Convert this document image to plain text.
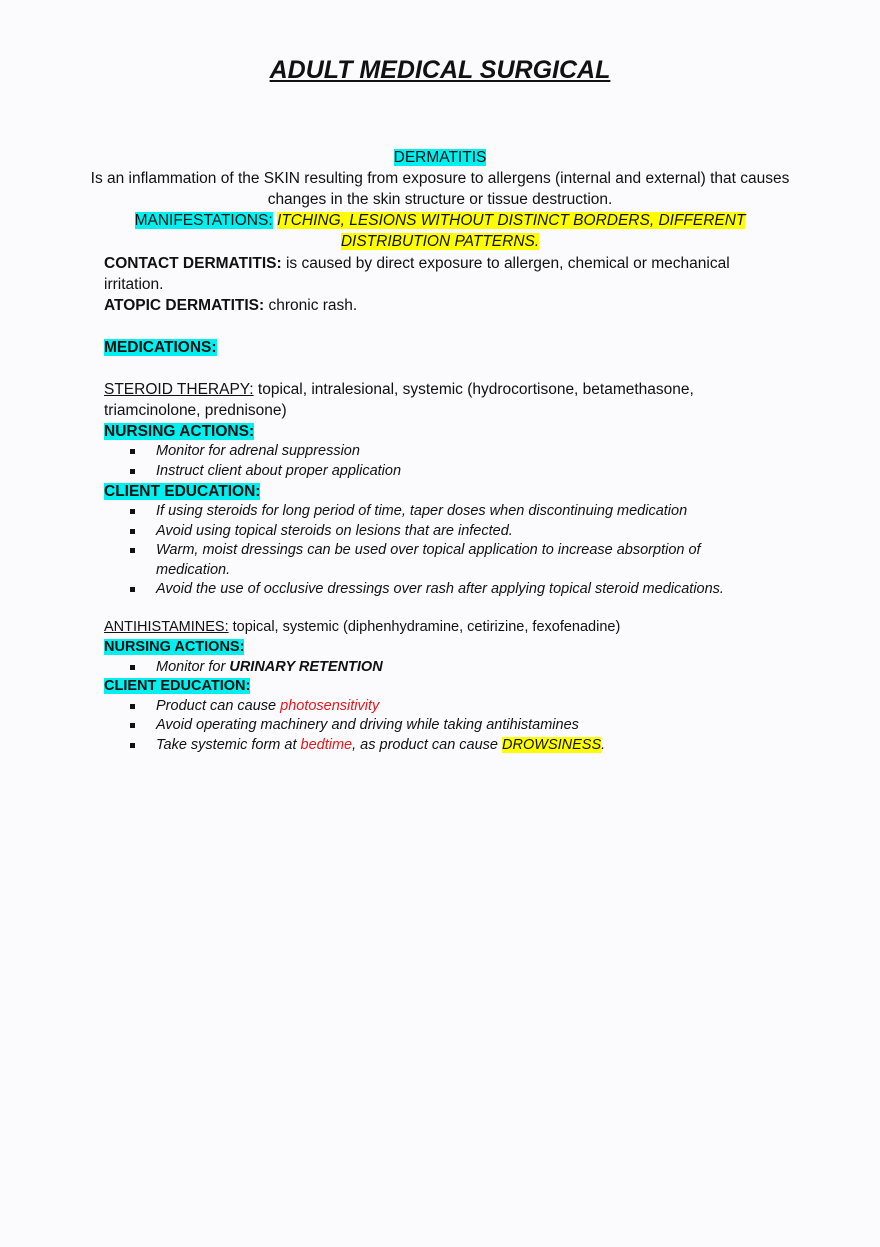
ADULT MEDICAL SURGICAL
DERMATITIS
Is an inflammation of the SKIN resulting from exposure to allergens (internal and external) that causes changes in the skin structure or tissue destruction.
MANIFESTATIONS: ITCHING, LESIONS WITHOUT DISTINCT BORDERS, DIFFERENT DISTRIBUTION PATTERNS.
CONTACT DERMATITIS: is caused by direct exposure to allergen, chemical or mechanical irritation.
ATOPIC DERMATITIS: chronic rash.
MEDICATIONS:
STEROID THERAPY: topical, intralesional, systemic (hydrocortisone, betamethasone, triamcinolone, prednisone)
NURSING ACTIONS:
Monitor for adrenal suppression
Instruct client about proper application
CLIENT EDUCATION:
If using steroids for long period of time, taper doses when discontinuing medication
Avoid using topical steroids on lesions that are infected.
Warm, moist dressings can be used over topical application to increase absorption of medication.
Avoid the use of occlusive dressings over rash after applying topical steroid medications.
ANTIHISTAMINES: topical, systemic (diphenhydramine, cetirizine, fexofenadine)
NURSING ACTIONS:
Monitor for URINARY RETENTION
CLIENT EDUCATION:
Product can cause photosensitivity
Avoid operating machinery and driving while taking antihistamines
Take systemic form at bedtime, as product can cause DROWSINESS.
